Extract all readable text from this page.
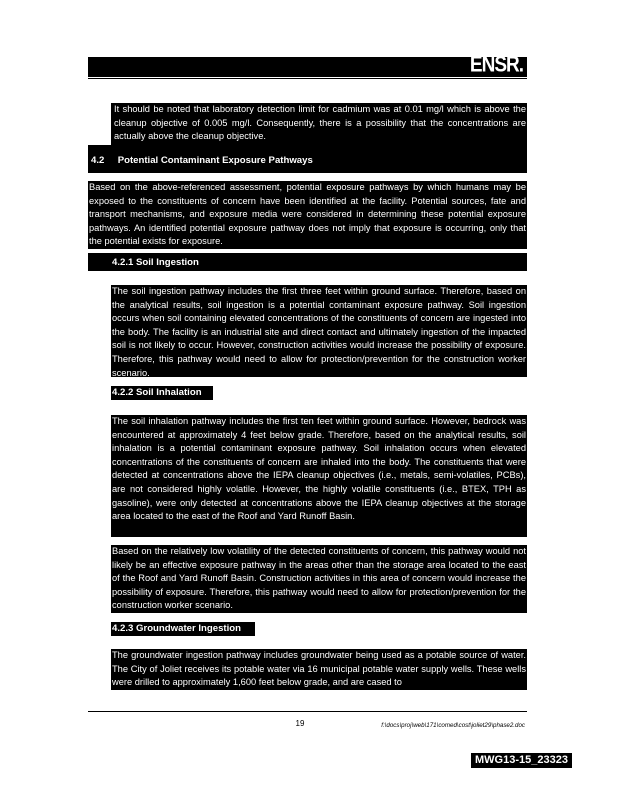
ENSR.
It should be noted that laboratory detection limit for cadmium was at 0.01 mg/l which is above the cleanup objective of 0.005 mg/l. Consequently, there is a possibility that the concentrations are actually above the cleanup objective.
4.2 Potential Contaminant Exposure Pathways
Based on the above-referenced assessment, potential exposure pathways by which humans may be exposed to the constituents of concern have been identified at the facility. Potential sources, fate and transport mechanisms, and exposure media were considered in determining these potential exposure pathways. An identified potential exposure pathway does not imply that exposure is occurring, only that the potential exists for exposure.
4.2.1 Soil Ingestion
The soil ingestion pathway includes the first three feet within ground surface. Therefore, based on the analytical results, soil ingestion is a potential contaminant exposure pathway. Soil ingestion occurs when soil containing elevated concentrations of the constituents of concern are ingested into the body. The facility is an industrial site and direct contact and ultimately ingestion of the impacted soil is not likely to occur. However, construction activities would increase the possibility of exposure. Therefore, this pathway would need to allow for protection/prevention for the construction worker scenario.
4.2.2 Soil Inhalation
The soil inhalation pathway includes the first ten feet within ground surface. However, bedrock was encountered at approximately 4 feet below grade. Therefore, based on the analytical results, soil inhalation is a potential contaminant exposure pathway. Soil inhalation occurs when elevated concentrations of the constituents of concern are inhaled into the body. The constituents that were detected at concentrations above the IEPA cleanup objectives (i.e., metals, semi-volatiles, PCBs), are not considered highly volatile. However, the highly volatile constituents (i.e., BTEX, TPH as gasoline), were only detected at concentrations above the IEPA cleanup objectives at the storage area located to the east of the Roof and Yard Runoff Basin.
Based on the relatively low volatility of the detected constituents of concern, this pathway would not likely be an effective exposure pathway in the areas other than the storage area located to the east of the Roof and Yard Runoff Basin. Construction activities in this area of concern would increase the possibility of exposure. Therefore, this pathway would need to allow for protection/prevention for the construction worker scenario.
4.2.3 Groundwater Ingestion
The groundwater ingestion pathway includes groundwater being used as a potable source of water. The City of Joliet receives its potable water via 16 municipal potable water supply wells. These wells were drilled to approximately 1,600 feet below grade, and are cased to
19	f:\docs\proj\web\171\comed\cost\joliet29\phase2.doc
MWG13-15_23323
